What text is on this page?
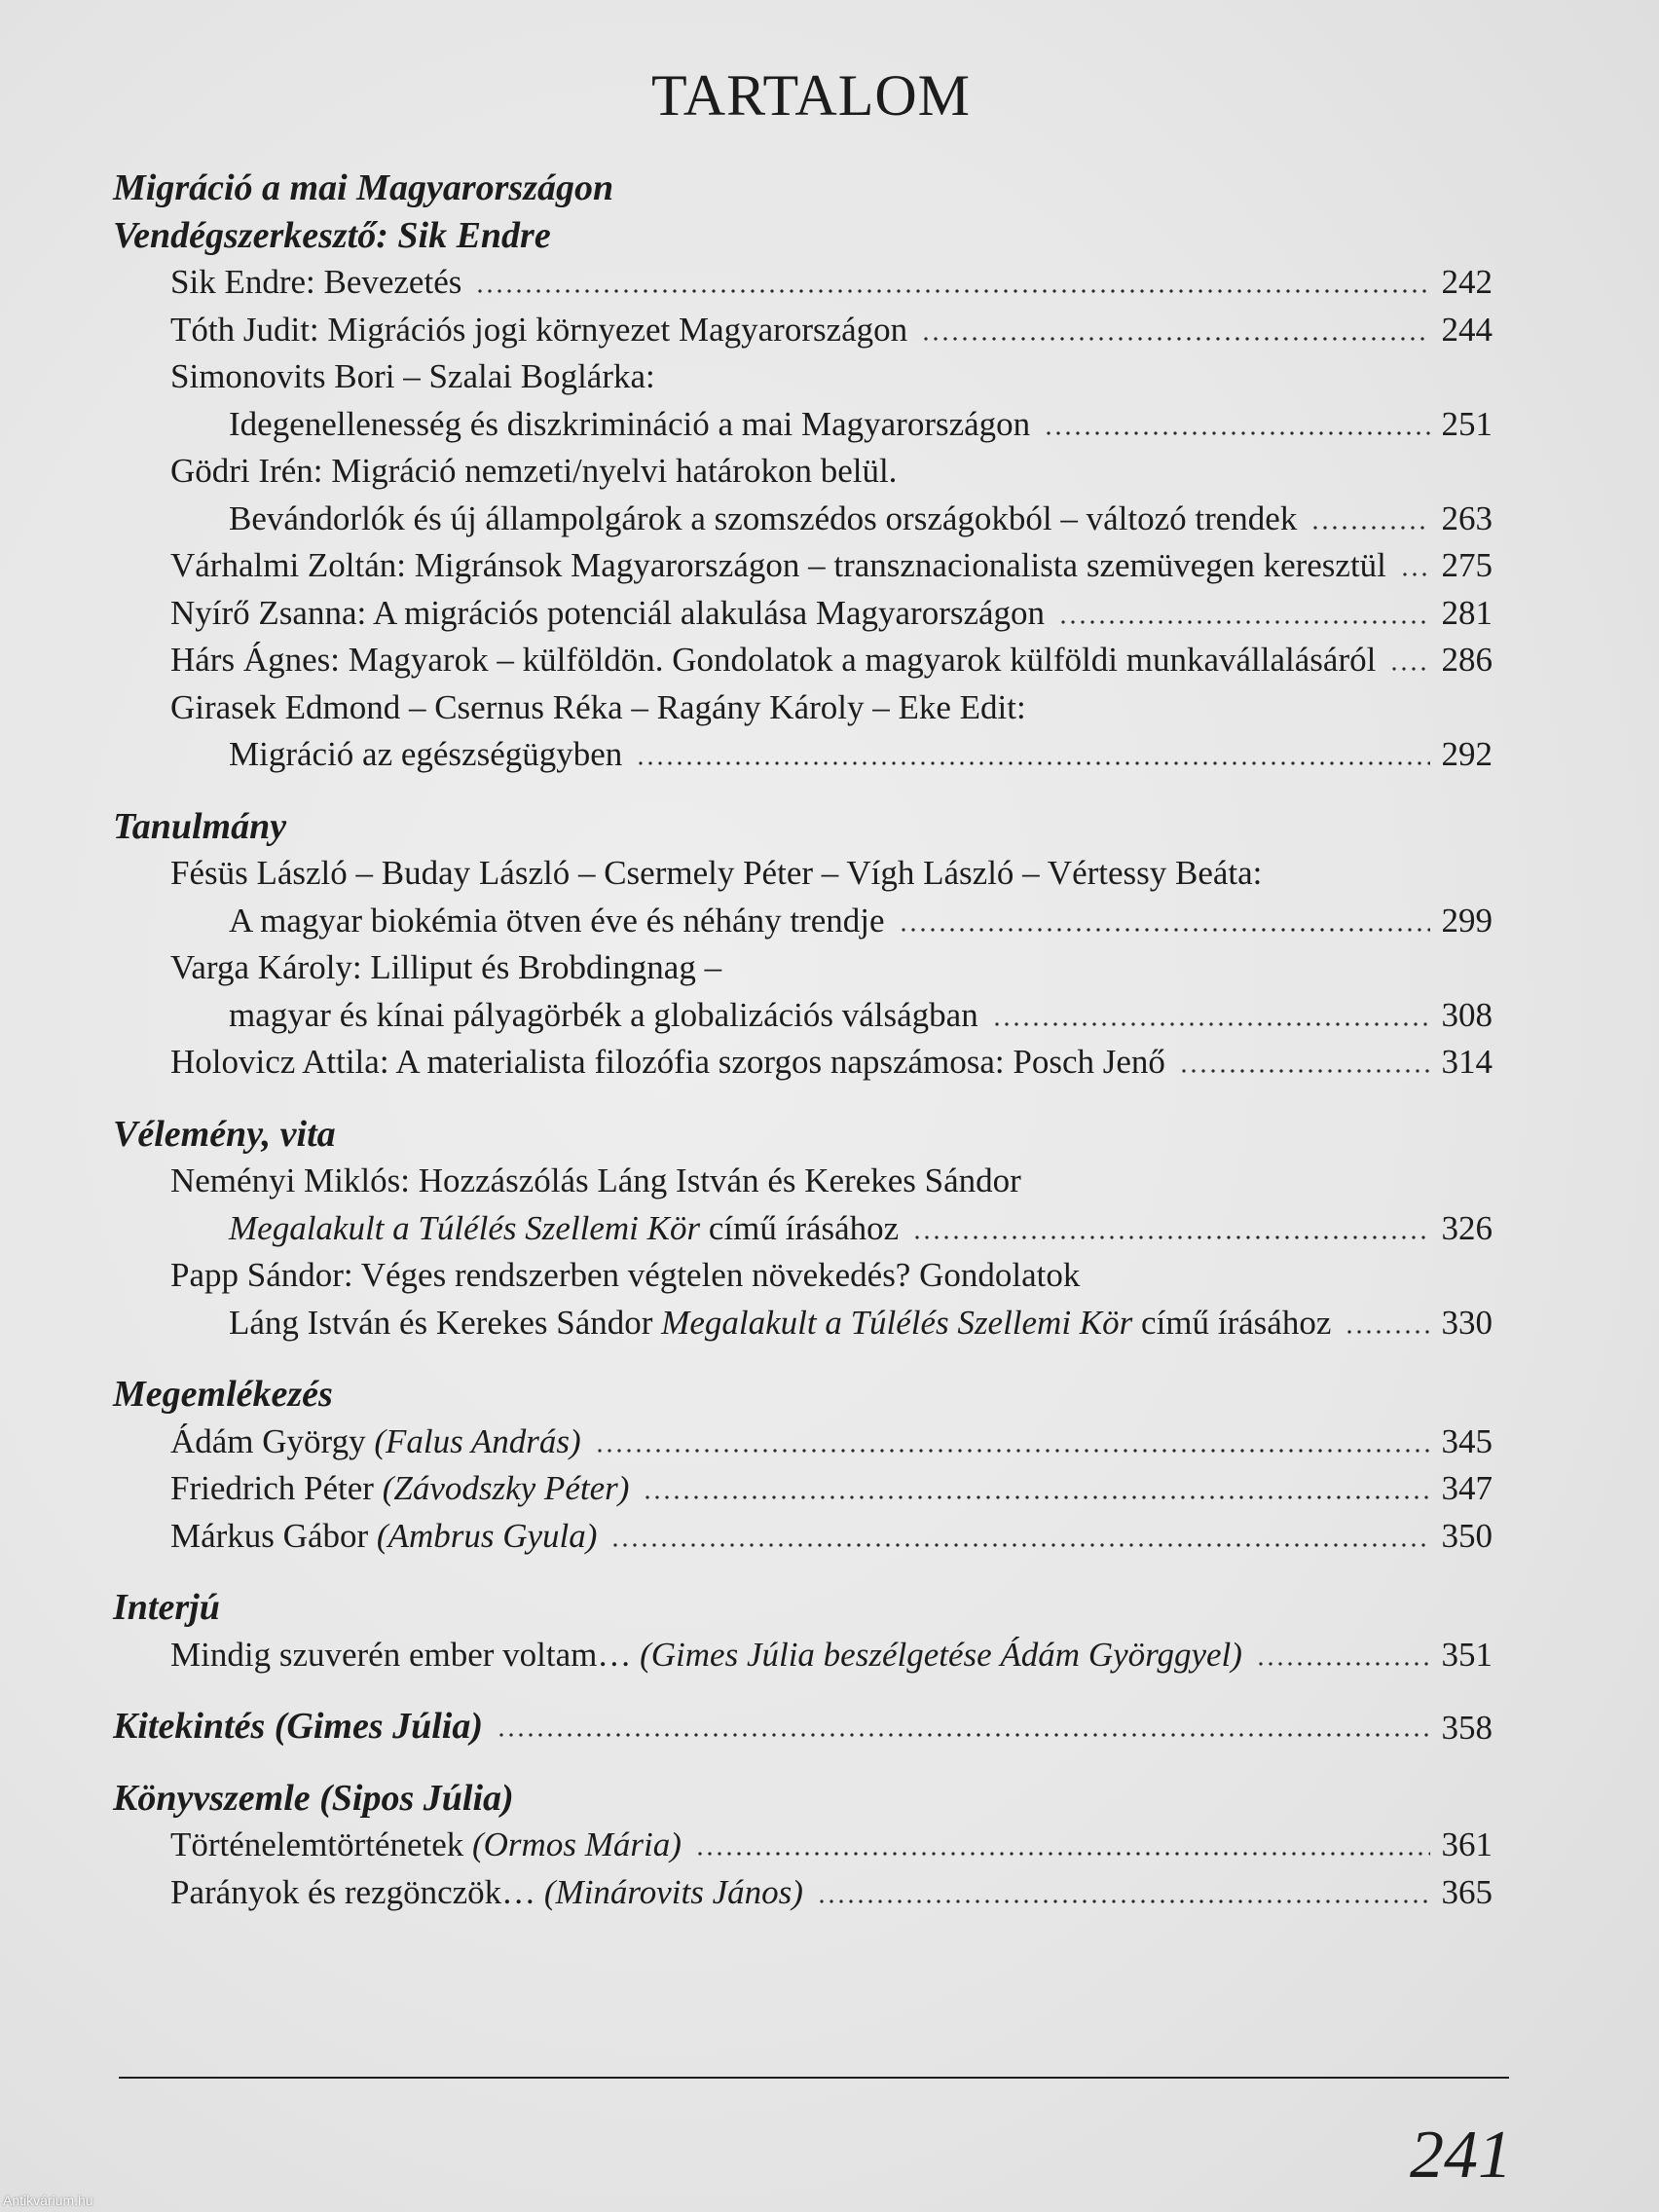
TARTALOM
Migráció a mai Magyarországon
Vendégszerkesztő: Sik Endre
Sik Endre: Bevezetés	242
Tóth Judit: Migrációs jogi környezet Magyarországon	244
Simonovits Bori – Szalai Boglárka:
Idegenellenesség és diszkrimináció a mai Magyarországon	251
Gödri Irén: Migráció nemzeti/nyelvi határokon belül.
Bevándorlók és új állampolgárok a szomszédos országokból – változó trendek	263
Várhalmi Zoltán: Migránsok Magyarországon – transznacionalista szemüvegen keresztül 275
Nyírő Zsanna: A migrációs potenciál alakulása Magyarországon	281
Hárs Ágnes: Magyarok – külföldön. Gondolatok a magyarok külföldi munkavállalásáról 286
Girasek Edmond – Csernus Réka – Ragány Károly – Eke Edit:
Migráció az egészségügyben	292
Tanulmány
Fésüs László – Buday László – Csermely Péter – Vígh László – Vértessy Beáta:
A magyar biokémia ötven éve és néhány trendje	299
Varga Károly: Lilliput és Brobdingnag –
magyar és kínai pályagörbék a globalizációs válságban	308
Holovicz Attila: A materialista filozófia szorgos napszámosa: Posch Jenő	314
Vélemény, vita
Neményi Miklós: Hozzászólás Láng István és Kerekes Sándor
Megalakult a Túlélés Szellemi Kör című írásához	326
Papp Sándor: Véges rendszerben végtelen növekedés? Gondolatok
Láng István és Kerekes Sándor Megalakult a Túlélés Szellemi Kör című írásához	330
Megemlékezés
Ádám György (Falus András)	345
Friedrich Péter (Závodszky Péter)	347
Márkus Gábor (Ambrus Gyula)	350
Interjú
Mindig szuverén ember voltam… (Gimes Júlia beszélgetése Ádám Györggyel)	351
Kitekintés (Gimes Júlia)	358
Könyvszemle (Sipos Júlia)
Történelemtörténetek (Ormos Mária)	361
Parányok és rezgönczök… (Minárovits János)	365
241
Antikvárium.hu
